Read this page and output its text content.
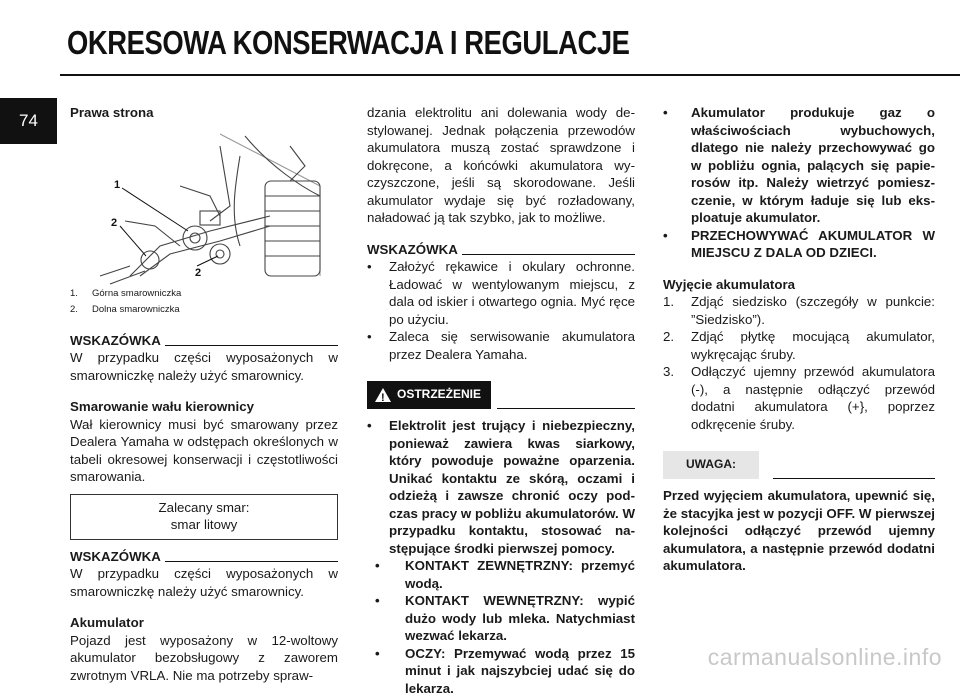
OKRESOWA KONSERWACJA I REGULACJE
74	Prawa strona
1
2
2
1.	Górna smarowniczka
2.	Dolna smarowniczka
WSKAZÓWKA

W przypadku części wyposażonych w smarowniczkę należy użyć smarownicy.

Smarowanie wału kierownicy

Wał kierownicy musi być smarowany przez Dealera Yamaha w odstępach określonych w tabeli okresowej konserwacji i częstotliwości smarowania.

Zalecany smar:
smar litowy
WSKAZÓWKA

W przypadku części wyposażonych w smarowniczkę należy użyć smarownicy.

Akumulator

Pojazd jest wyposażony w 12-woltowy akumulator bezobsługowy z zaworem zwrotnym VRLA. Nie ma potrzeby spraw-

dzania elektrolitu ani dolewania wody destylowanej. Jednak połączenia przewodów akumulatora muszą zostać sprawdzone i dokręcone, a końcówki akumulatora wyczyszczone, jeśli są skorodowane. Jeśli akumulator wydaje się być rozładowany, naładować ją tak szybko, jak to możliwe.

WSKAZÓWKA
•	Założyć rękawice i okulary ochronne. Ładować w wentylowanym miejscu, z dala od iskier i otwartego ognia. Myć ręce po użyciu.
•	Zaleca się serwisowanie akumulatora przez Dealera Yamaha.
! OSTRZEŻENIE
•	Elektrolit jest trujący i niebezpieczny, ponieważ zawiera kwas siarkowy, który powoduje poważne oparzenia. Unikać kontaktu ze skórą, oczami i odzieżą i zawsze chronić oczy podczas pracy w pobliżu akumulatorów. W przypadku kontaktu, stosować następujące środki pierwszej pomocy.
•	KONTAKT ZEWNĘTRZNY: przemyć wodą.
•	KONTAKT WEWNĘTRZNY: wypić dużo wody lub mleka. Natychmiast wezwać lekarza.
•	OCZY: Przemywać wodą przez 15 minut i jak najszybciej udać się do lekarza.
•	Akumulator produkuje gaz o właściwościach wybuchowych, dlatego nie należy przechowywać go w pobliżu ognia, palących się papierosów itp. Należy wietrzyć pomieszczenie, w którym ładuje się lub eksploatuje akumulator.
•	PRZECHOWYWAĆ AKUMULATOR W MIEJSCU Z DALA OD DZIECI.
Wyjęcie akumulatora
1.	Zdjąć siedzisko (szczegóły w punkcie: ”Siedzisko”).
2.	Zdjąć płytkę mocującą akumulator, wykręcając śruby.
3.	Odłączyć ujemny przewód akumulatora (-), a następnie odłączyć przewód dodatni akumulatora (+}, poprzez odkręcenie śruby.
UWAGA:

Przed wyjęciem akumulatora, upewnić się, że stacyjka jest w pozycji OFF. W pierwszej kolejności odłączyć przewód ujemny akumulatora, a następnie przewód dodatni akumulatora.

carmanualsonline.info
